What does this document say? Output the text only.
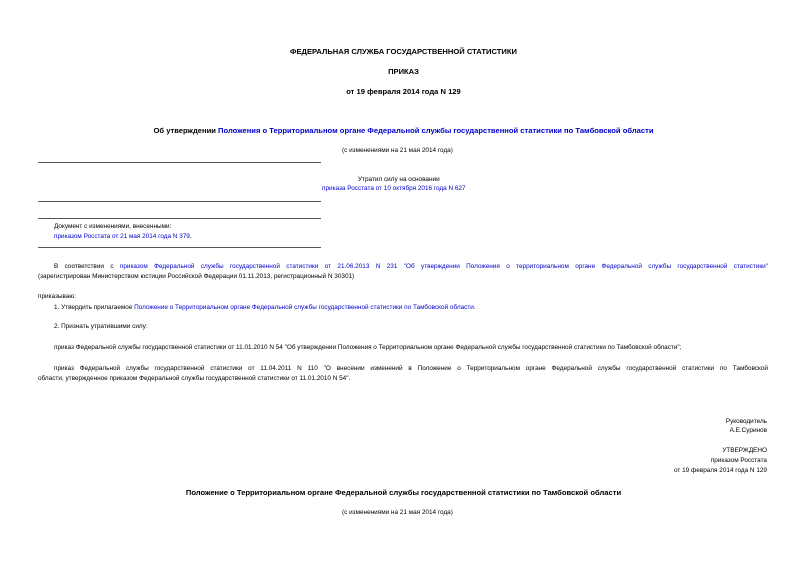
ФЕДЕРАЛЬНАЯ СЛУЖБА ГОСУДАРСТВЕННОЙ СТАТИСТИКИ
ПРИКАЗ
от 19 февраля 2014 года N 129
Об утверждении Положения о Территориальном органе Федеральной службы государственной статистики по Тамбовской области
(с изменениями на 21 мая 2014 года)
Утратил силу на основании
приказа Росстата от 10 октября 2016 года N 627
Документ с изменениями, внесенными:
приказом Росстата от 21 мая 2014 года N 379.
В соответствии с приказом Федеральной службы государственной статистики от 21.06.2013 N 231 "Об утверждении Положения о территориальном органе Федеральной службы государственной статистики"
(зарегистрирован Министерством юстиции Российской Федерации 01.11.2013, регистрационный N 30301)
приказываю:
1. Утвердить прилагаемое Положение о Территориальном органе Федеральной службы государственной статистики по Тамбовской области.
2. Признать утратившими силу:
приказ Федеральной службы государственной статистики от 11.01.2010 N 54 "Об утверждении Положения о Территориальном органе Федеральной службы государственной статистики по Тамбовской области";
приказ Федеральной службы государственной статистики от 11.04.2011 N 110 "О внесении изменений в Положение о Территориальном органе Федеральной службы государственной статистики по Тамбовской
области, утвержденное приказом Федеральной службы государственной статистики от 11.01.2010 N 54".
Руководитель
А.Е.Суринов
УТВЕРЖДЕНО
приказом Росстата
от 19 февраля 2014 года N 129
Положение о Территориальном органе Федеральной службы государственной статистики по Тамбовской области
(с изменениями на 21 мая 2014 года)
